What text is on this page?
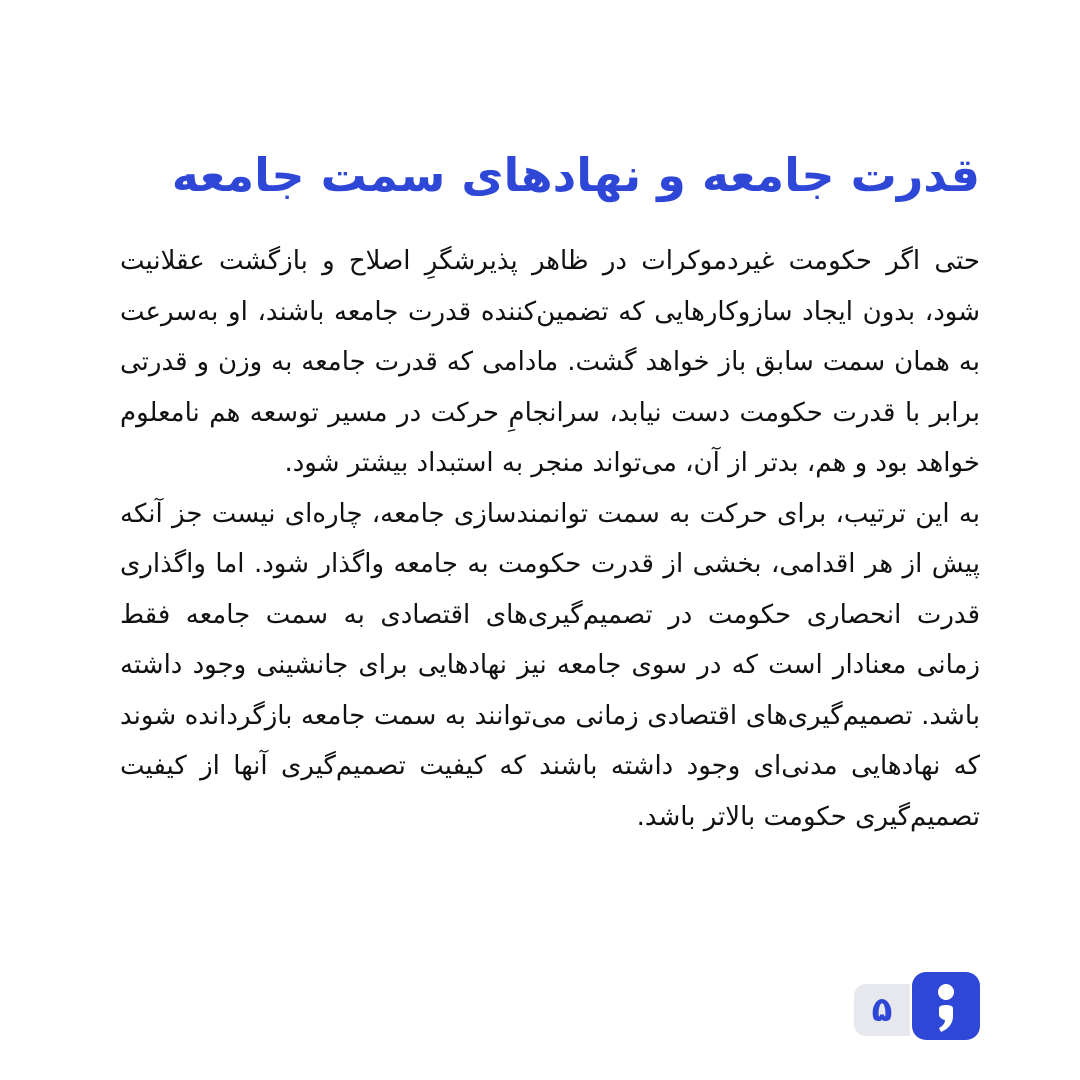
قدرت جامعه و نهادهای سمت جامعه

حتی اگر حکومت غیردموکرات در ظاهر پذیرشگرِ اصلاح و بازگشت عقلانیت شود، بدون ایجاد سازوکارهایی که تضمین‌کننده قدرت جامعه باشند، او به‌سرعت به همان سمت سابق باز خواهد گشت. مادامی که قدرت جامعه به وزن و قدرتی برابر با قدرت حکومت دست نیابد، سرانجامِ حرکت در مسیر توسعه هم نامعلوم خواهد بود و هم، بدتر از آن، می‌تواند منجر به استبداد بیشتر شود.

به این ترتیب، برای حرکت به سمت توانمندسازی جامعه، چاره‌ای نیست جز آنکه پیش از هر اقدامی، بخشی از قدرت حکومت به جامعه واگذار شود. اما واگذاری قدرت انحصاری حکومت در تصمیم‌گیری‌های اقتصادی به سمت جامعه فقط زمانی معنادار است که در سوی جامعه نیز نهادهایی برای جانشینی وجود داشته باشد. تصمیم‌گیری‌های اقتصادی زمانی می‌توانند به سمت جامعه بازگردانده شوند که نهادهایی مدنی‌ای وجود داشته باشند که کیفیت تصمیم‌گیری آنها از کیفیت تصمیم‌گیری حکومت بالاتر باشد.

۵
